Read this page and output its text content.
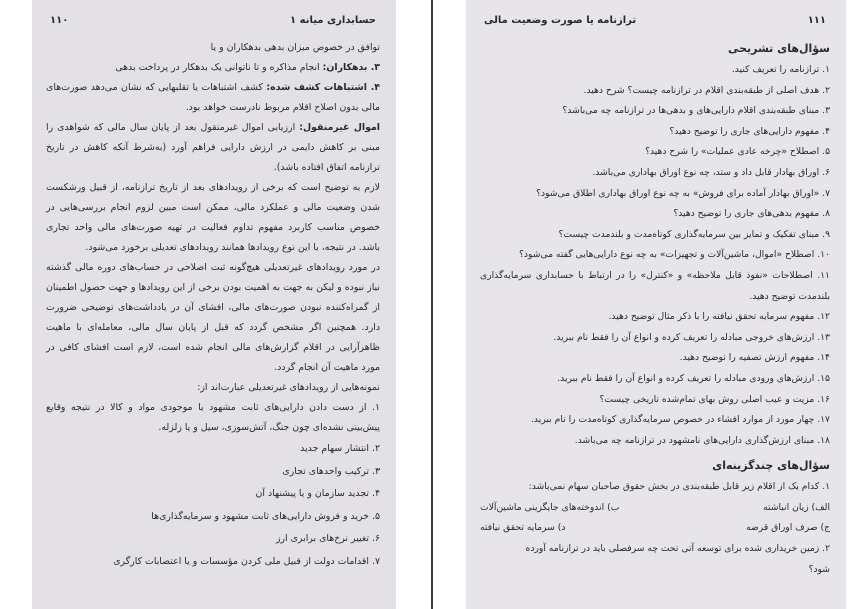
حسابداری میانه ۱
۱۱۰

توافق در خصوص میزان بدهی بدهکاران و یا

۳. بدهکاران: انجام مذاکره و تا ناتوانی یک بدهکار در پرداخت بدهی

۴. اشتباهات کشف شده: کشف اشتباهات یا تقلبهایی که نشان می‌دهد صورت‌های مالی بدون اصلاح اقلام مربوط نادرست خواهد بود.

اموال غیرمنقول: ارزیابی اموال غیرمنقول بعد از پایان سال مالی که شواهدی را مبنی بر کاهش دایمی در ارزش دارایی فراهم آورد (به‌شرط آنکه کاهش در تاریخ ترازنامه اتفاق افتاده باشد).

لازم به توضیح است که برخی از رویدادهای بعد از تاریخ ترازنامه، از قبیل ورشکست شدن وضعیت مالی و عملکرد مالی، ممکن است مبین لزوم انجام بررسی‌هایی در خصوص مناسب کاربرد مفهوم تداوم فعالیت در تهیه صورت‌های مالی واحد تجاری باشد. در نتیجه، با این نوع رویدادها همانند رویدادهای تعدیلی برخورد می‌شود.

در مورد رویدادهای غیرتعدیلی هیچ‌گونه ثبت اصلاحی در حساب‌های دوره مالی گذشته نیاز نبوده و لیکن به جهت به اهمیت بودن برخی از این رویدادها و جهت حصول اطمینان از گمراه‌کننده نبودن صورت‌های مالی، افشای آن در یادداشت‌های توضیحی ضرورت دارد. همچنین اگر مشخص گردد که قبل از پایان سال مالی، معامله‌ای با ماهیت ظاهرآرایی در اقلام گزارش‌های مالی انجام شده است، لازم است افشای کافی در مورد ماهیت آن انجام گردد.

نمونه‌هایی از رویدادهای غیرتعدیلی عبارت‌اند از:

۱. از دست دادن دارایی‌های ثابت مشهود یا موجودی مواد و کالا در نتیجه وقایع پیش‌بینی نشده‌ای چون جنگ، آتش‌سوزی، سیل و یا زلزله.

۲. انتشار سهام جدید

۳. ترکیب واحدهای تجاری

۴. تجدید سازمان و یا پیشنهاد آن

۵. خرید و فروش دارایی‌های ثابت مشهود و سرمایه‌گذاری‌ها

۶. تغییر نرخ‌های برابری ارز

۷. اقدامات دولت از قبیل ملی کردن مؤسسات و یا اعتصابات کارگری

۱۱۱
ترازنامه یا صورت وضعیت مالی

سؤال‌های تشریحی

۱. ترازنامه را تعریف کنید.

۲. هدف اصلی از طبقه‌بندی اقلام در ترازنامه چیست؟ شرح دهید.

۳. مبنای طبقه‌بندی اقلام دارایی‌های و بدهی‌ها در ترازنامه چه می‌باشد؟

۴. مفهوم دارایی‌های جاری را توضیح دهید؟

۵. اصطلاح «چرخه عادی عملیات» را شرح دهید؟

۶. اوراق بهادار قابل داد و ستد، چه نوع اوراق بهاداری می‌باشد.

۷. «اوراق بهادار آماده برای فروش» به چه نوع اوراق بهاداری اطلاق می‌شود؟

۸. مفهوم بدهی‌های جاری را توضیح دهید؟

۹. مبنای تفکیک و تمایز بین سرمایه‌گذاری کوتاه‌مدت و بلندمدت چیست؟

۱۰. اصطلاح «اموال، ماشین‌آلات و تجهیزات» به چه نوع دارایی‌هایی گفته می‌شود؟

۱۱. اصطلاحات «نفوذ قابل ملاحظه» و «کنترل» را در ارتباط با حسابداری سرمایه‌گذاری بلندمدت توضیح دهید.

۱۲. مفهوم سرمایه تحقق نیافته را با ذکر مثال توضیح دهید.

۱۳. ارزش‌های خروجی مبادله را تعریف کرده و انواع آن را فقط نام ببرید.

۱۴. مفهوم ارزش تصفیه را توضیح دهید.

۱۵. ارزش‌های ورودی مبادله را تعریف کرده و انواع آن را فقط نام ببرید.

۱۶. مزیت و عیب اصلی روش بهای تمام‌شده تاریخی چیست؟

۱۷. چهار مورد از موارد افشاء در خصوص سرمایه‌گذاری کوتاه‌مدت را نام ببرید.

۱۸. مبنای ارزش‌گذاری دارایی‌های نامشهود در ترازنامه چه می‌باشد.

سؤال‌های چندگزینه‌ای

۱. کدام یک از اقلام زیر قابل طبقه‌بندی در بخش حقوق صاحبان سهام نمی‌باشد:

الف) زیان انباشته
ب) اندوخته‌های جایگزینی ماشین‌آلات
ج) صرف اوراق قرضه
د) سرمایه تحقق نیافته

۲. زمین خریداری شده برای توسعه آتی تحت چه سرفصلی باید در ترازنامه آورده

شود؟
